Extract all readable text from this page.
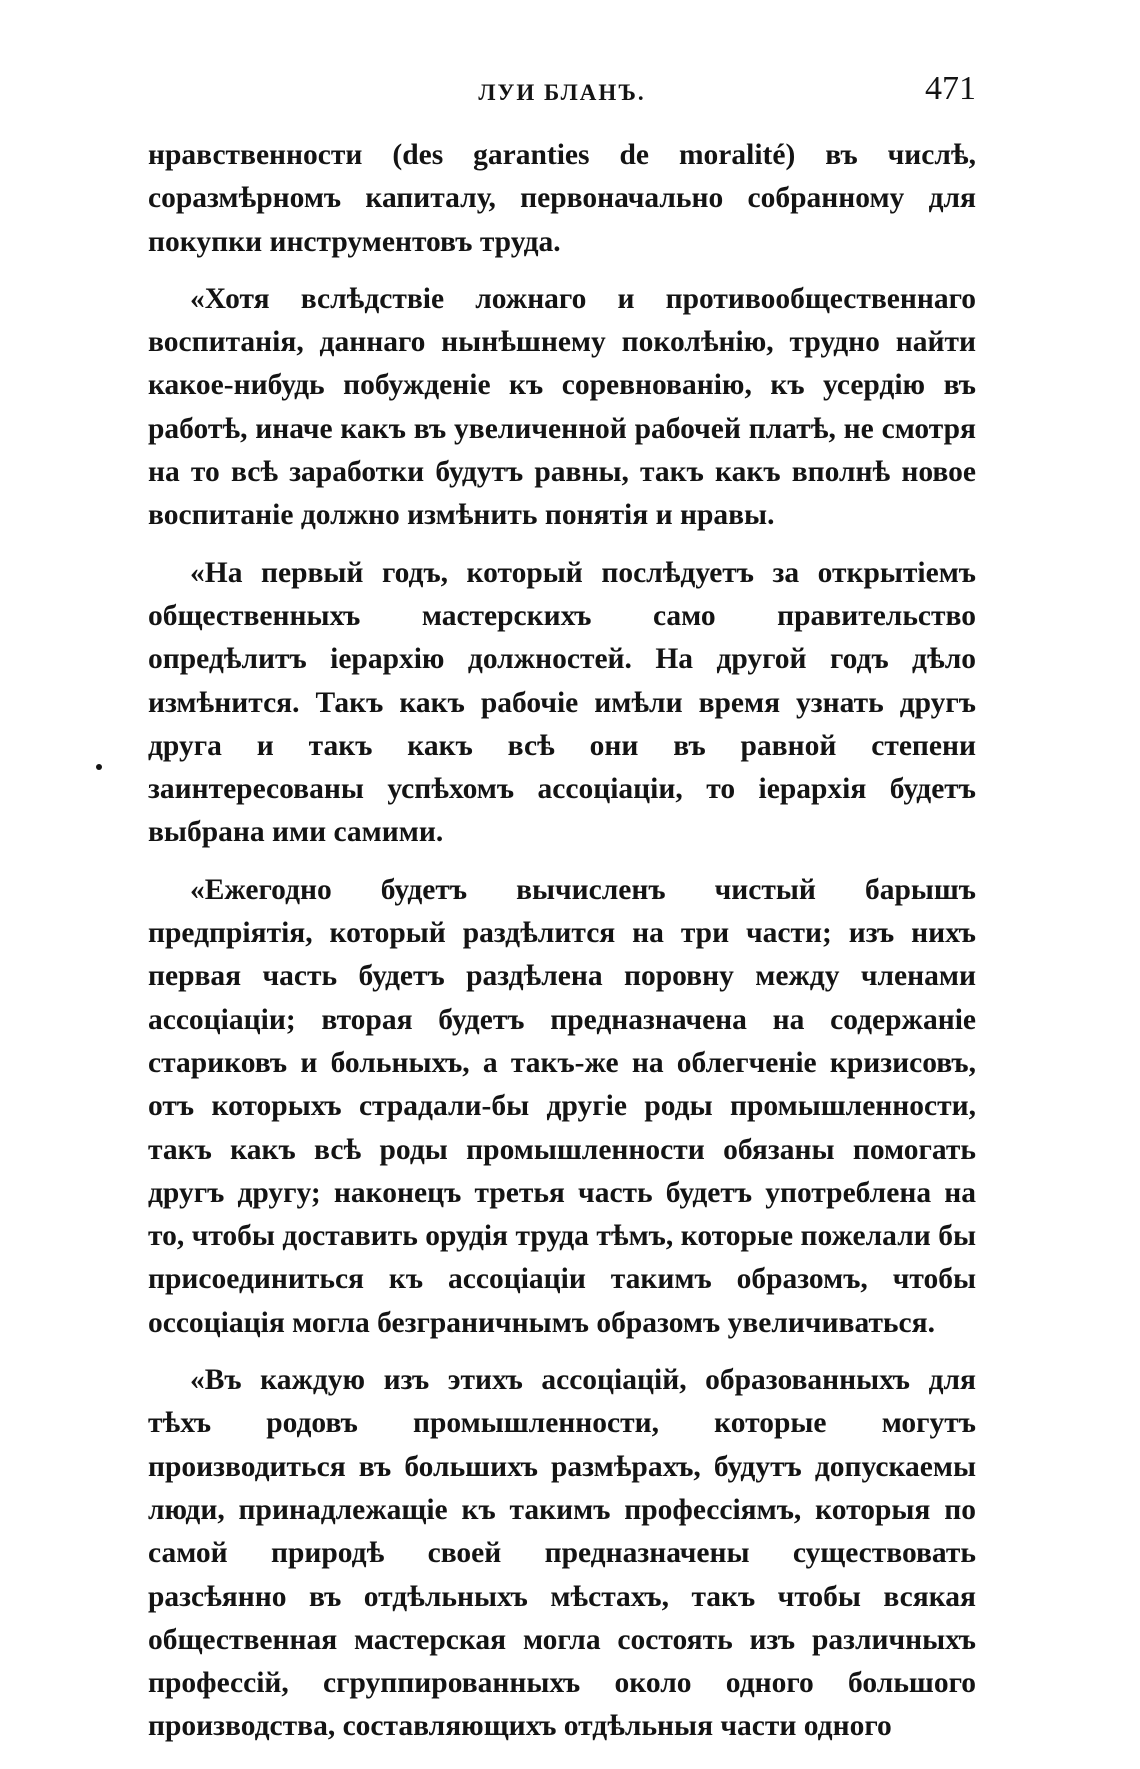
ЛУИ БЛАНЪ.	471

нравственности (des garanties de moralité) въ числѣ, соразмѣрномъ капиталу, первоначально собранному для покупки инструментовъ труда.

«Хотя вслѣдствіе ложнаго и противообщественнаго воспитанія, даннаго нынѣшнему поколѣнію, трудно найти какое-нибудь побужденіе къ соревнованію, къ усердію въ работѣ, иначе какъ въ увеличенной рабочей платѣ, не смотря на то всѣ заработки будутъ равны, такъ какъ вполнѣ новое воспитаніе должно измѣнить понятія и нравы.

«На первый годъ, который послѣдуетъ за открытіемъ общественныхъ мастерскихъ само правительство опредѣлитъ іерархію должностей. На другой годъ дѣло измѣнится. Такъ какъ рабочіе имѣли время узнать другъ друга и такъ какъ всѣ они въ равной степени заинтересованы успѣхомъ ассоціаціи, то іерархія будетъ выбрана ими самими.

«Ежегодно будетъ вычисленъ чистый барышъ предпріятія, который раздѣлится на три части; изъ нихъ первая часть будетъ раздѣлена поровну между членами ассоціаціи; вторая будетъ предназначена на содержаніе стариковъ и больныхъ, а такъ-же на облегченіе кризисовъ, отъ которыхъ страдали-бы другіе роды промышленности, такъ какъ всѣ роды промышленности обязаны помогать другъ другу; наконецъ третья часть будетъ употреблена на то, чтобы доставить орудія труда тѣмъ, которые пожелали бы присоединиться къ ассоціаціи такимъ образомъ, чтобы оссоціація могла безграничнымъ образомъ увеличиваться.

«Въ каждую изъ этихъ ассоціацій, образованныхъ для тѣхъ родовъ промышленности, которые могутъ производиться въ большихъ размѣрахъ, будутъ допускаемы люди, принадлежащіе къ такимъ профессіямъ, которыя по самой природѣ своей предназначены существовать разсѣянно въ отдѣльныхъ мѣстахъ, такъ чтобы всякая общественная мастерская могла состоять изъ различныхъ профессій, сгруппированныхъ около одного большого производства, составляющихъ отдѣльныя части одного
